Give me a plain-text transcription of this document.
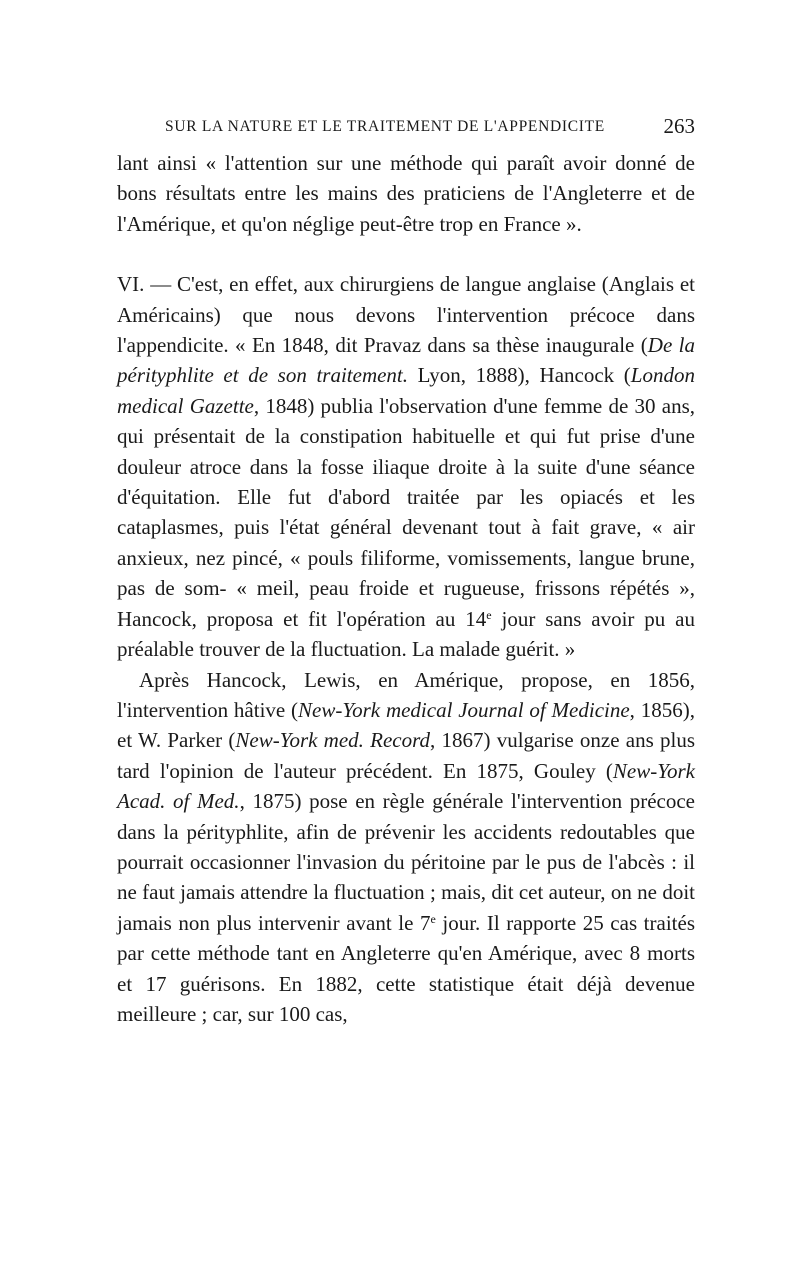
SUR LA NATURE ET LE TRAITEMENT DE L'APPENDICITE	263

lant ainsi « l'attention sur une méthode qui paraît avoir donné de bons résultats entre les mains des praticiens de l'Angleterre et de l'Amérique, et qu'on néglige peut-être trop en France ».

VI. — C'est, en effet, aux chirurgiens de langue anglaise (Anglais et Américains) que nous devons l'intervention précoce dans l'appendicite. « En 1848, dit Pravaz dans sa thèse inaugurale (De la pérityphlite et de son traitement. Lyon, 1888), Hancock (London medical Gazette, 1848) publia l'observation d'une femme de 30 ans, qui présentait de la constipation habituelle et qui fut prise d'une douleur atroce dans la fosse iliaque droite à la suite d'une séance d'équitation. Elle fut d'abord traitée par les opiacés et les cataplasmes, puis l'état général devenant tout à fait grave, « air anxieux, nez pincé, « pouls filiforme, vomissements, langue brune, pas de som- « meil, peau froide et rugueuse, frissons répétés », Hancock, proposa et fit l'opération au 14e jour sans avoir pu au préalable trouver de la fluctuation. La malade guérit. »

Après Hancock, Lewis, en Amérique, propose, en 1856, l'intervention hâtive (New-York medical Journal of Medicine, 1856), et W. Parker (New-York med. Record, 1867) vulgarise onze ans plus tard l'opinion de l'auteur précédent. En 1875, Gouley (New-York Acad. of Med., 1875) pose en règle générale l'intervention précoce dans la pérityphlite, afin de prévenir les accidents redoutables que pourrait occasionner l'invasion du péritoine par le pus de l'abcès : il ne faut jamais attendre la fluctuation ; mais, dit cet auteur, on ne doit jamais non plus intervenir avant le 7e jour. Il rapporte 25 cas traités par cette méthode tant en Angleterre qu'en Amérique, avec 8 morts et 17 guérisons. En 1882, cette statistique était déjà devenue meilleure ; car, sur 100 cas,
